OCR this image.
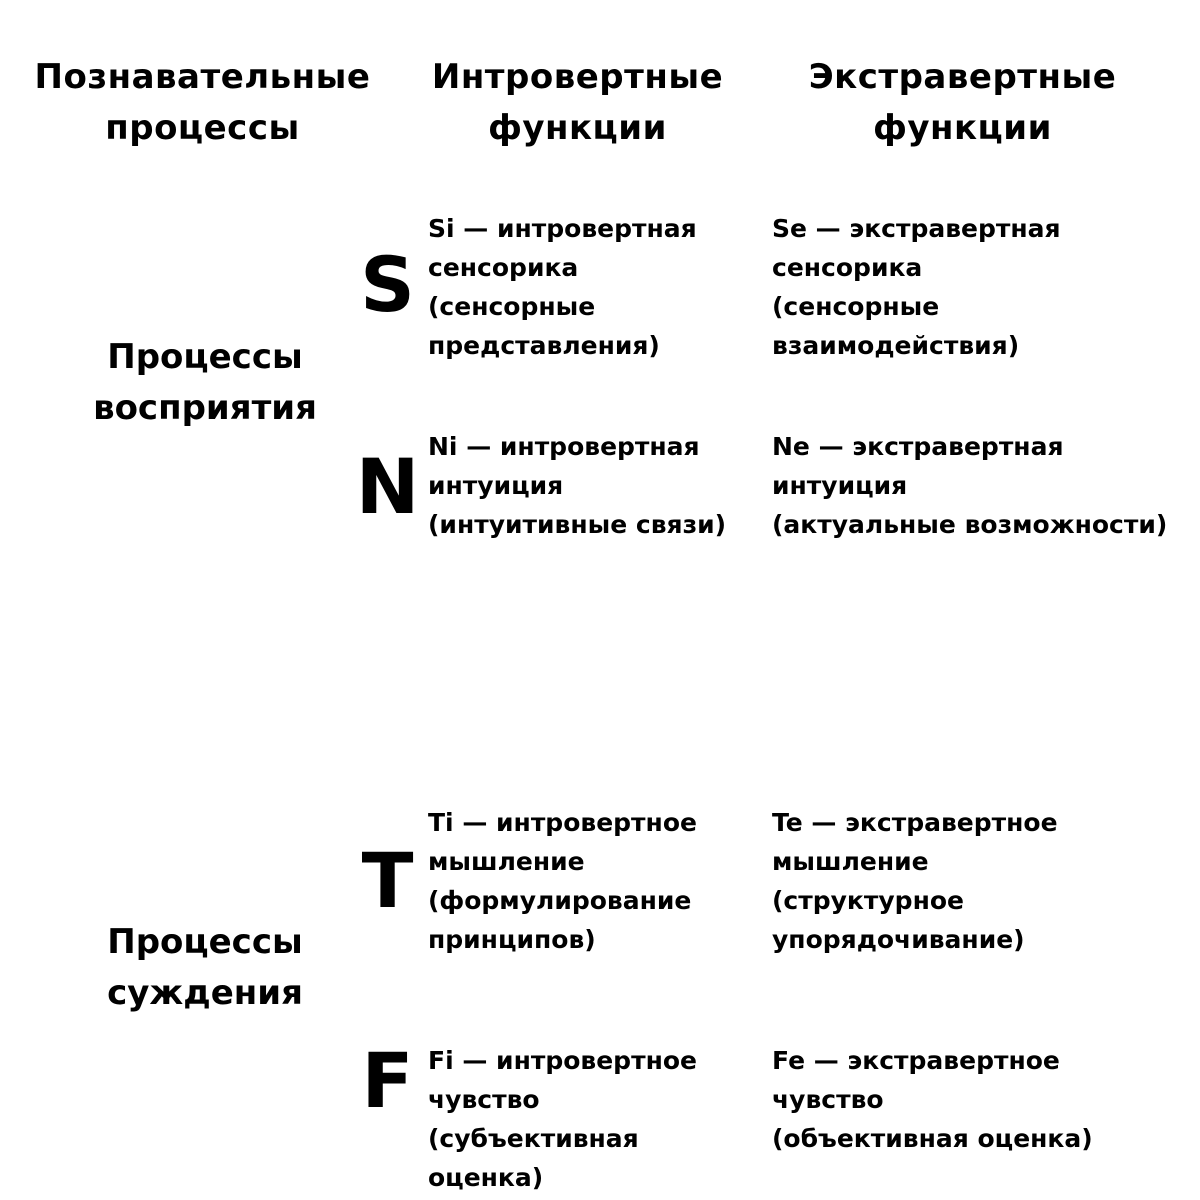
Познавательные
процессы
Интровертные
функции
Экстравертные
функции
Процессы
восприятия
Процессы
суждения
S
N
T
F
Si — интровертная
сенсорика
(сенсорные
представления)
Se — экстравертная
сенсорика
(сенсорные
взаимодействия)
Ni — интровертная
интуиция
(интуитивные связи)
Ne — экстравертная
интуиция
(актуальные возможности)
Ti — интровертное
мышление
(формулирование
принципов)
Te — экстравертное
мышление
(структурное
упорядочивание)
Fi — интровертное
чувство
(субъективная
оценка)
Fe — экстравертное
чувство
(объективная оценка)
